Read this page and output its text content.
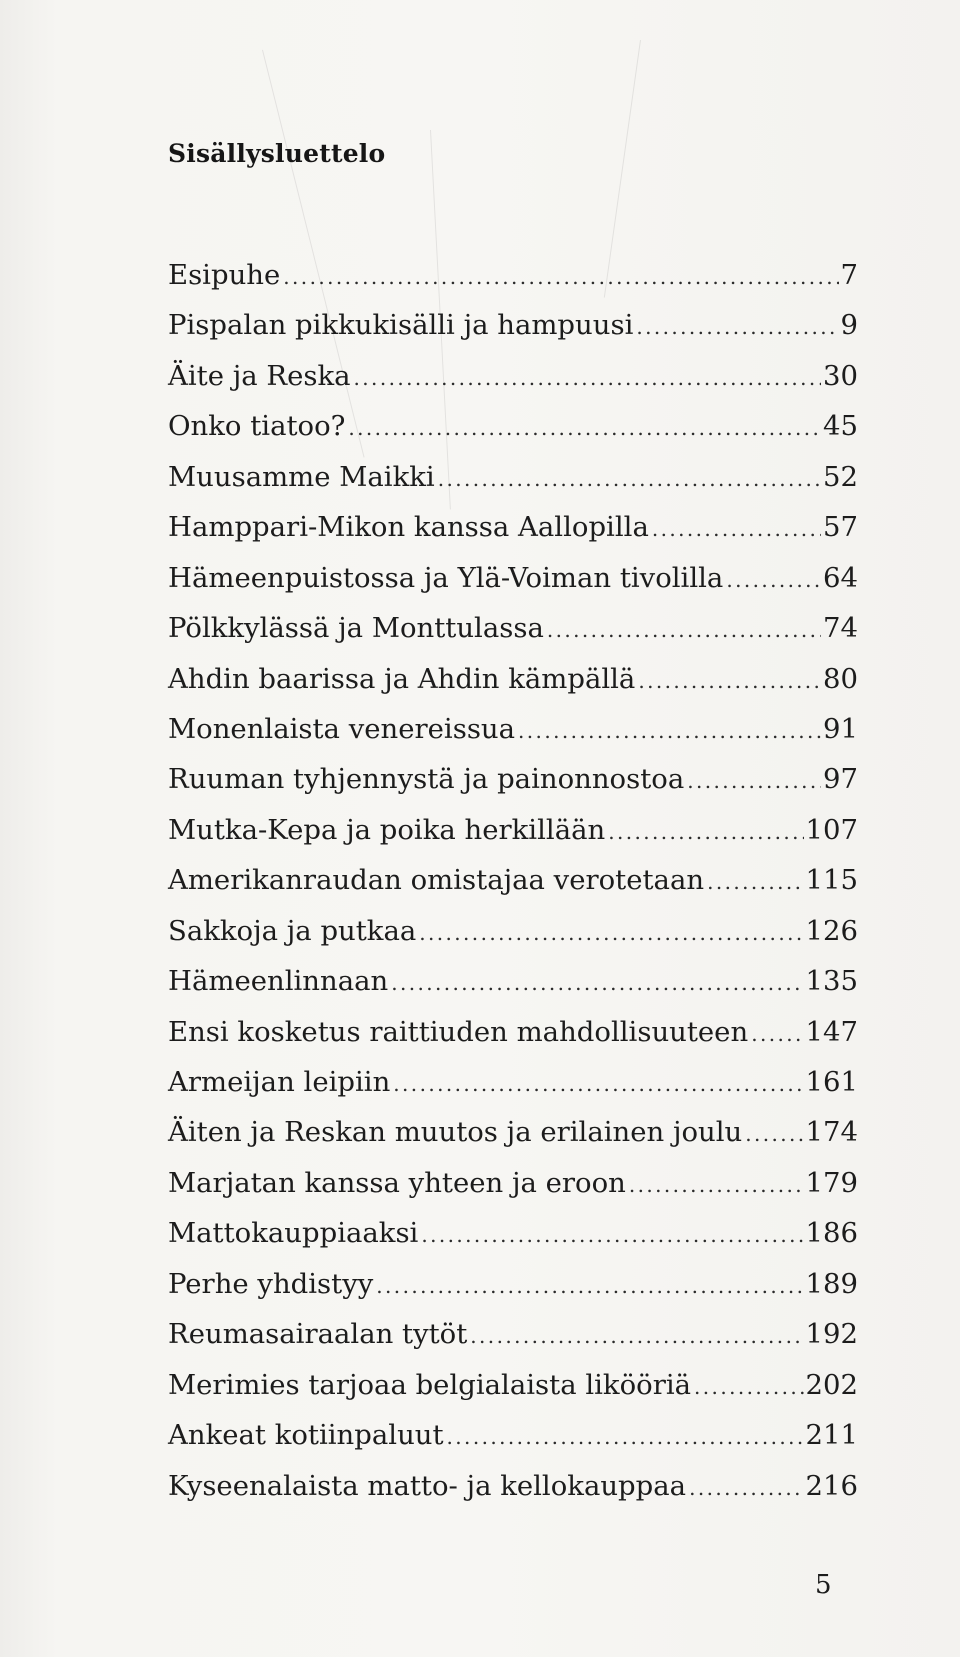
Sisällysluettelo
Esipuhe .....	7
Pispalan pikkukisälli ja hampuusi .....	9
Äite ja Reska .....	30
Onko tiatoo? .....	45
Muusamme Maikki .....	52
Hamppari-Mikon kanssa Aallopilla .....	57
Hämeenpuistossa ja Ylä-Voiman tivolilla .....	64
Pölkkylässä ja Monttulassa .....	74
Ahdin baarissa ja Ahdin kämpällä .....	80
Monenlaista venereissua .....	91
Ruuman tyhjennystä ja painonnostoa .....	97
Mutka-Kepa ja poika herkillään .....	107
Amerikanraudan omistajaa verotetaan .....	115
Sakkoja ja putkaa .....	126
Hämeenlinnaan .....	135
Ensi kosketus raittiuden mahdollisuuteen ..... 147
Armeijan leipiin .....	161
Äiten ja Reskan muutos ja erilainen joulu ..... 174
Marjatan kanssa yhteen ja eroon .....	179
Mattokauppiaaksi .....	186
Perhe yhdistyy .....	189
Reumasairaalan tytöt .....	192
Merimies tarjoaa belgialaista likööriä .....	202
Ankeat kotiinpaluut .....	211
Kyseenalaista matto- ja kellokauppaa .....	216
5
